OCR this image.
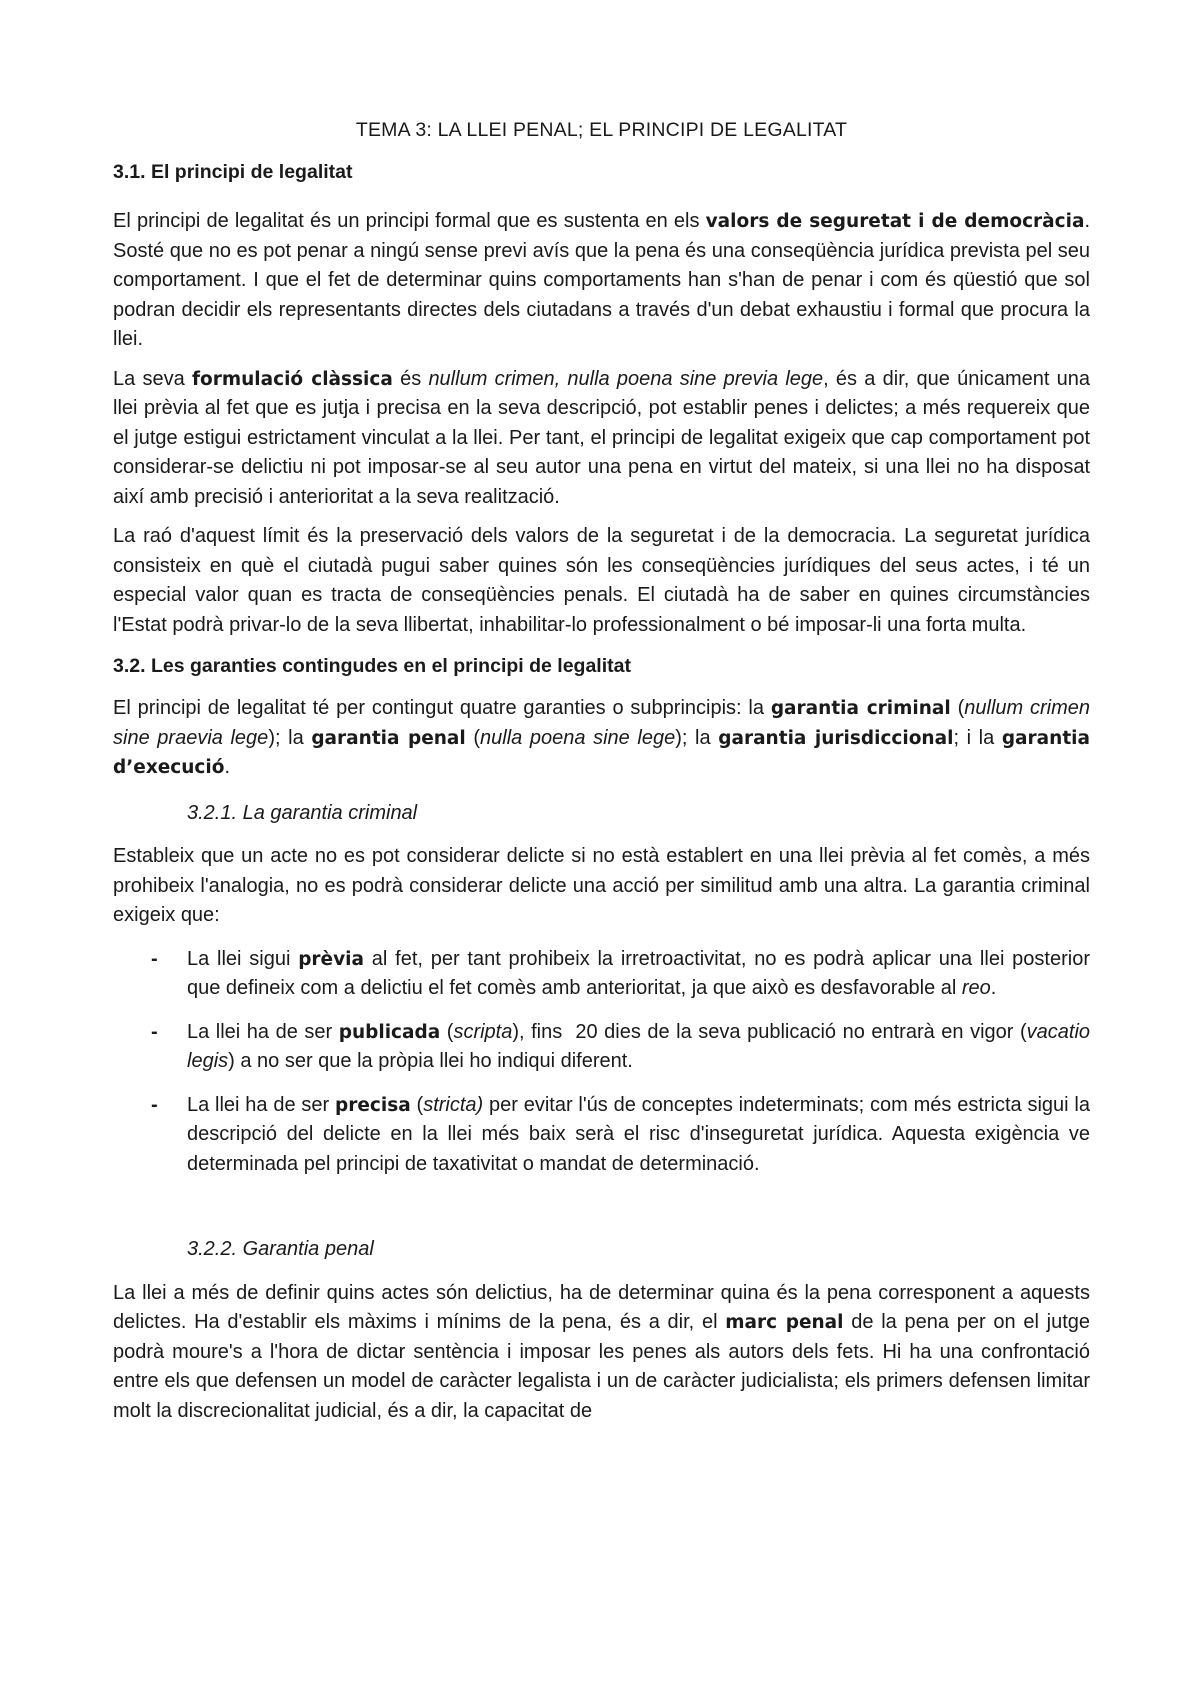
TEMA 3: LA LLEI PENAL; EL PRINCIPI DE LEGALITAT
3.1. El principi de legalitat

El principi de legalitat és un principi formal que es sustenta en els valors de seguretat i de democràcia. Sosté que no es pot penar a ningú sense previ avís que la pena és una conseqüència jurídica prevista pel seu comportament. I que el fet de determinar quins comportaments han s'han de penar i com és qüestió que sol podran decidir els representants directes dels ciutadans a través d'un debat exhaustiu i formal que procura la llei.

La seva formulació clàssica és nullum crimen, nulla poena sine previa lege, és a dir, que únicament una llei prèvia al fet que es jutja i precisa en la seva descripció, pot establir penes i delictes; a més requereix que el jutge estigui estrictament vinculat a la llei. Per tant, el principi de legalitat exigeix que cap comportament pot considerar-se delictiu ni pot imposar-se al seu autor una pena en virtut del mateix, si una llei no ha disposat així amb precisió i anterioritat a la seva realització.

La raó d'aquest límit és la preservació dels valors de la seguretat i de la democracia. La seguretat jurídica consisteix en què el ciutadà pugui saber quines són les conseqüències jurídiques del seus actes, i té un especial valor quan es tracta de conseqüències penals. El ciutadà ha de saber en quines circumstàncies l'Estat podrà privar-lo de la seva llibertat, inhabilitar-lo professionalment o bé imposar-li una forta multa.

3.2. Les garanties contingudes en el principi de legalitat

El principi de legalitat té per contingut quatre garanties o subprincipis: la garantia criminal (nullum crimen sine praevia lege); la garantia penal (nulla poena sine lege); la garantia jurisdiccional; i la garantia d’execució.

3.2.1. La garantia criminal

Estableix que un acte no es pot considerar delicte si no està establert en una llei prèvia al fet comès, a més prohibeix l'analogia, no es podrà considerar delicte una acció per similitud amb una altra. La garantia criminal exigeix que:

- La llei sigui prèvia al fet, per tant prohibeix la irretroactivitat, no es podrà aplicar una llei posterior que defineix com a delictiu el fet comès amb anterioritat, ja que això es desfavorable al reo.
- La llei ha de ser publicada (scripta), fins  20 dies de la seva publicació no entrarà en vigor (vacatio legis) a no ser que la pròpia llei ho indiqui diferent.
- La llei ha de ser precisa (stricta) per evitar l'ús de conceptes indeterminats; com més estricta sigui la descripció del delicte en la llei més baix serà el risc d'inseguretat jurídica. Aquesta exigència ve determinada pel principi de taxativitat o mandat de determinació.
3.2.2. Garantia penal

La llei a més de definir quins actes són delictius, ha de determinar quina és la pena corresponent a aquests delictes. Ha d'establir els màxims i mínims de la pena, és a dir, el marc penal de la pena per on el jutge podrà moure's a l'hora de dictar sentència i imposar les penes als autors dels fets. Hi ha una confrontació entre els que defensen un model de caràcter legalista i un de caràcter judicialista; els primers defensen limitar molt la discrecionalitat judicial, és a dir, la capacitat de
